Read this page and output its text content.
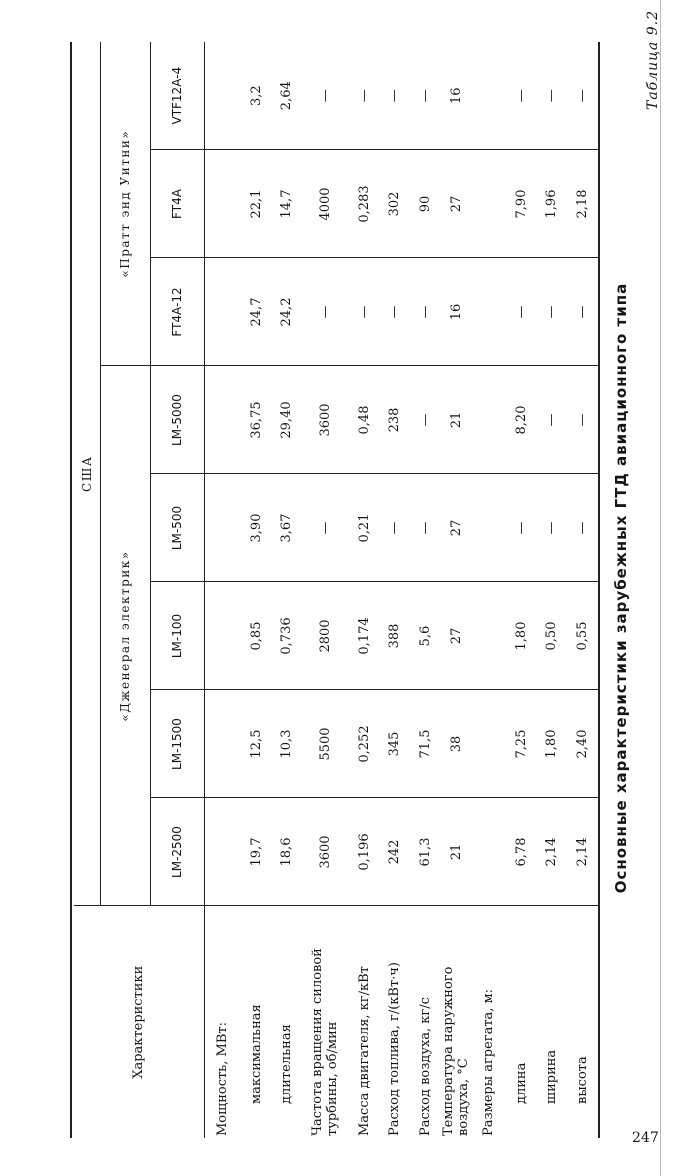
Таблица 9.2
Основные характеристики зарубежных ГТД авиационного типа
Характеристики	США							
	«Дженерал электрик»					«Пратт энд Уитни»		
	LM-2500	LM-1500	LM-100	LM-500	LM-5000	FT4A-12	FT4A	VTF12A-4
Мощность, МВт:								
максимальная	19,7	12,5	0,85	3,90	36,75	24,7	22,1	3,2
длительная	18,6	10,3	0,736	3,67	29,40	24,2	14,7	2,64
Частота вращения силовой турбины, об/мин	3600	5500	2800	—	3600	—	4000	—
Масса двигателя, кг/кВт	0,196	0,252	0,174	0,21	0,48	—	0,283	—
Расход топлива, г/(кВт·ч)	242	345	388	—	238	—	302	—
Расход воздуха, кг/с	61,3	71,5	5,6	—	—	—	90	—
Температура наружного воздуха, °С	21	38	27	27	21	16	27	16
Размеры агрегата, м:								
длина	6,78	7,25	1,80	—	8,20	—	7,90	—
ширина	2,14	1,80	0,50	—	—	—	1,96	—
высота	2,14	2,40	0,55	—	—	—	2,18	—
247
